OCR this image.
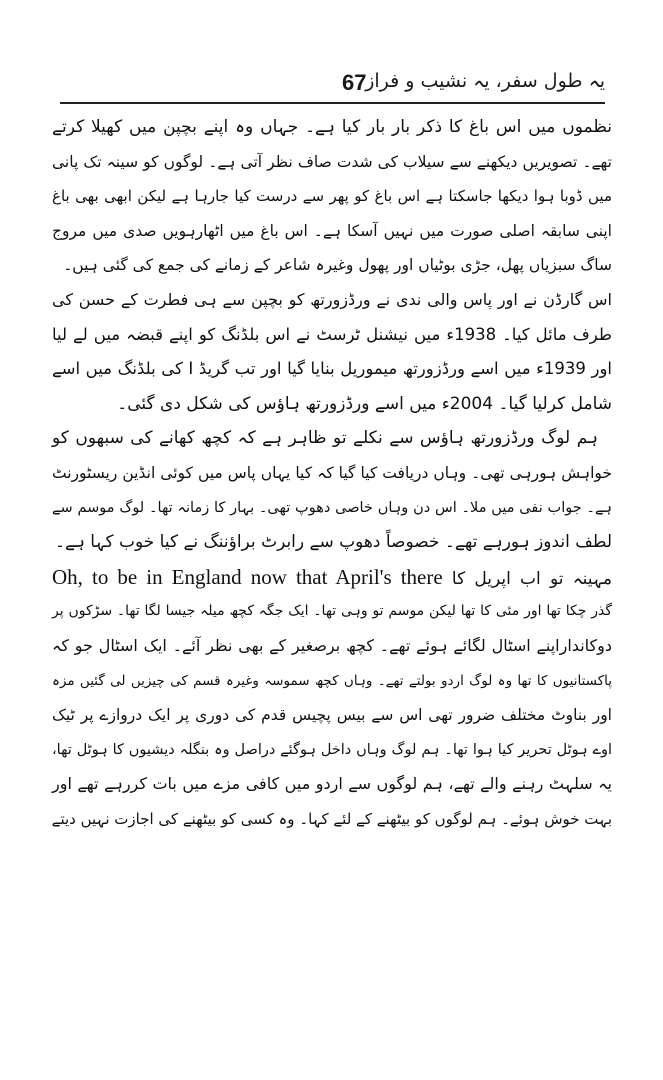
یہ طول سفر، یہ نشیب و فراز
67
نظموں میں اس باغ کا ذکر بار بار کیا ہے۔ جہاں وہ اپنے بچپن میں کھیلا کرتے
تھے۔ تصویریں دیکھنے سے سیلاب کی شدت صاف نظر آتی ہے۔ لوگوں کو سینہ تک پانی
میں ڈوبا ہوا دیکھا جاسکتا ہے اس باغ کو پھر سے درست کیا جارہا ہے لیکن ابھی بھی باغ
اپنی سابقہ اصلی صورت میں نہیں آسکا ہے۔ اس باغ میں اٹھارہویں صدی میں مروج
ساگ سبزیاں پھل، جڑی بوٹیاں اور پھول وغیرہ شاعر کے زمانے کی جمع کی گئی ہیں۔
اس گارڈن نے اور پاس والی ندی نے ورڈزورتھ کو بچپن سے ہی فطرت کے حسن کی
طرف مائل کیا۔ 1938ء میں نیشنل ٹرسٹ نے اس بلڈنگ کو اپنے قبضہ میں لے لیا
اور 1939ء میں اسے ورڈزورتھ میموریل بنایا گیا اور تب گریڈ I کی بلڈنگ میں اسے
شامل کرلیا گیا۔ 2004ء میں اسے ورڈزورتھ ہاؤس کی شکل دی گئی۔
ہم لوگ ورڈزورتھ ہاؤس سے نکلے تو ظاہر ہے کہ کچھ کھانے کی سبھوں کو
خواہش ہورہی تھی۔ وہاں دریافت کیا گیا کہ کیا یہاں پاس میں کوئی انڈین ریسٹورنٹ
ہے۔ جواب نفی میں ملا۔ اس دن وہاں خاصی دھوپ تھی۔ بہار کا زمانہ تھا۔ لوگ موسم سے
لطف اندوز ہورہے تھے۔ خصوصاً دھوپ سے رابرٹ براؤننگ نے کیا خوب کہا ہے۔
مہینہ تو اب اپریل کا Oh, to be in England now that April's there
گذر چکا تھا اور مئی کا تھا لیکن موسم تو وہی تھا۔ ایک جگہ کچھ میلہ جیسا لگا تھا۔ سڑکوں پر
دوکانداراپنے اسٹال لگائے ہوئے تھے۔ کچھ برصغیر کے بھی نظر آئے۔ ایک اسٹال جو کہ
پاکستانیوں کا تھا وہ لوگ اردو بولتے تھے۔ وہاں کچھ سموسہ وغیرہ قسم کی چیزیں لی گئیں مزہ
اور بناوٹ مختلف ضرور تھی اس سے بیس پچیس قدم کی دوری پر ایک دروازے پر ٹیک
اوے ہوٹل تحریر کیا ہوا تھا۔ ہم لوگ وہاں داخل ہوگئے دراصل وہ بنگلہ دیشیوں کا ہوٹل تھا،
یہ سلہٹ رہنے والے تھے، ہم لوگوں سے اردو میں کافی مزے میں بات کررہے تھے اور
بہت خوش ہوئے۔ ہم لوگوں کو بیٹھنے کے لئے کہا۔ وہ کسی کو بیٹھنے کی اجازت نہیں دیتے
